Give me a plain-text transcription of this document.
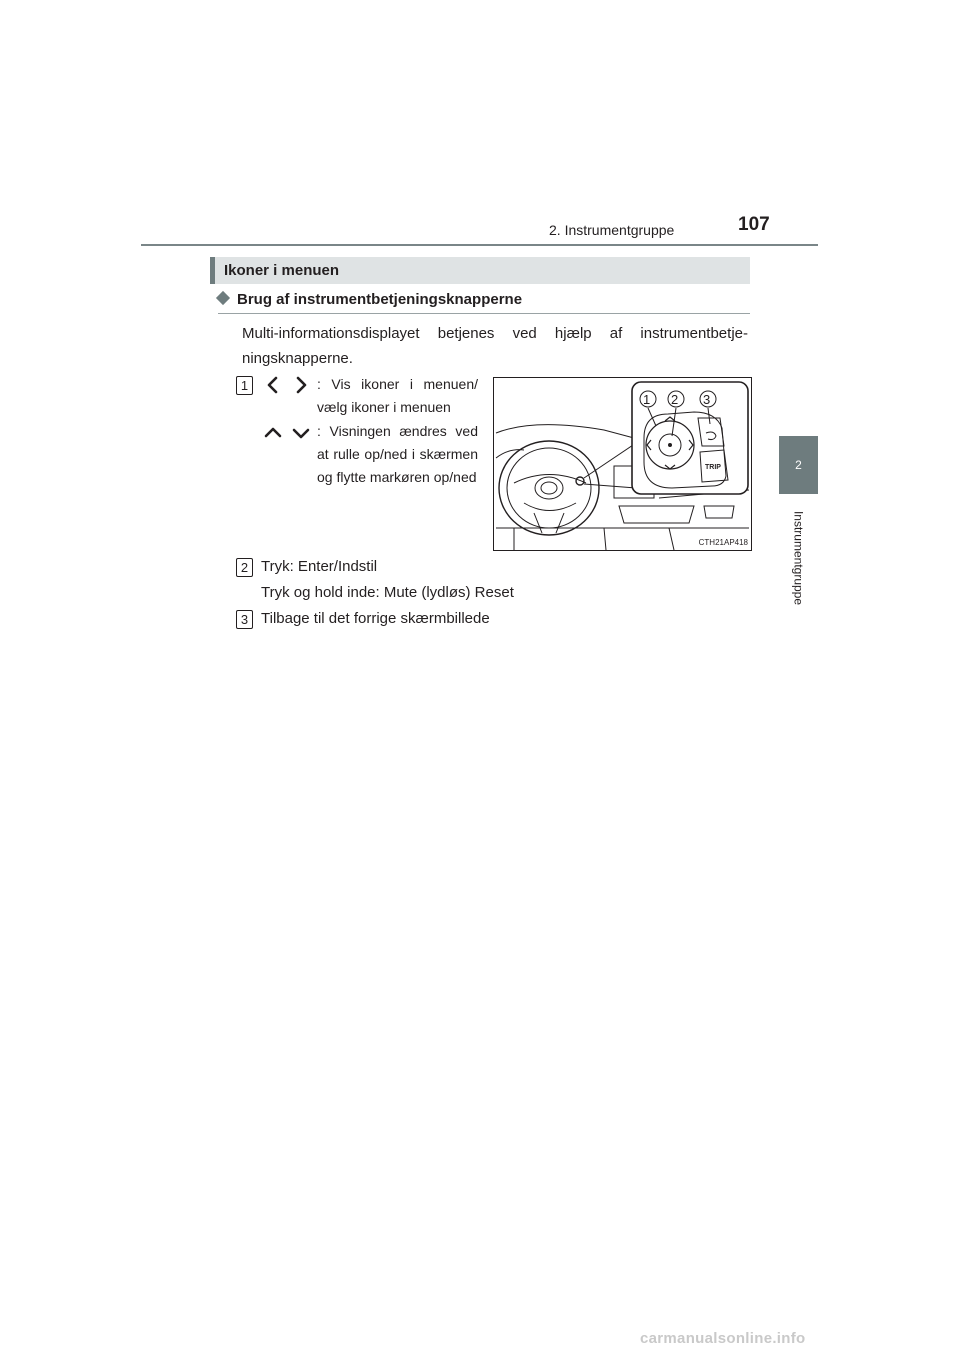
2. Instrumentgruppe	107
2
Instrumentgruppe
Ikoner i menuen
Brug af instrumentbetjeningsknapperne
Multi-informationsdisplayet betjenes ved hjælp af instrumentbetje-ningsknapperne.
1	: Vis ikoner i menuen/ vælg ikoner i menuen
: Visningen ændres ved at rulle op/ned i skærmen og flytte markøren op/ned
1 2 3
TRIP
CTH21AP418
2 Tryk: Enter/Indstil
Tryk og hold inde: Mute (lydløs) Reset
3 Tilbage til det forrige skærmbillede
carmanualsonline.info
